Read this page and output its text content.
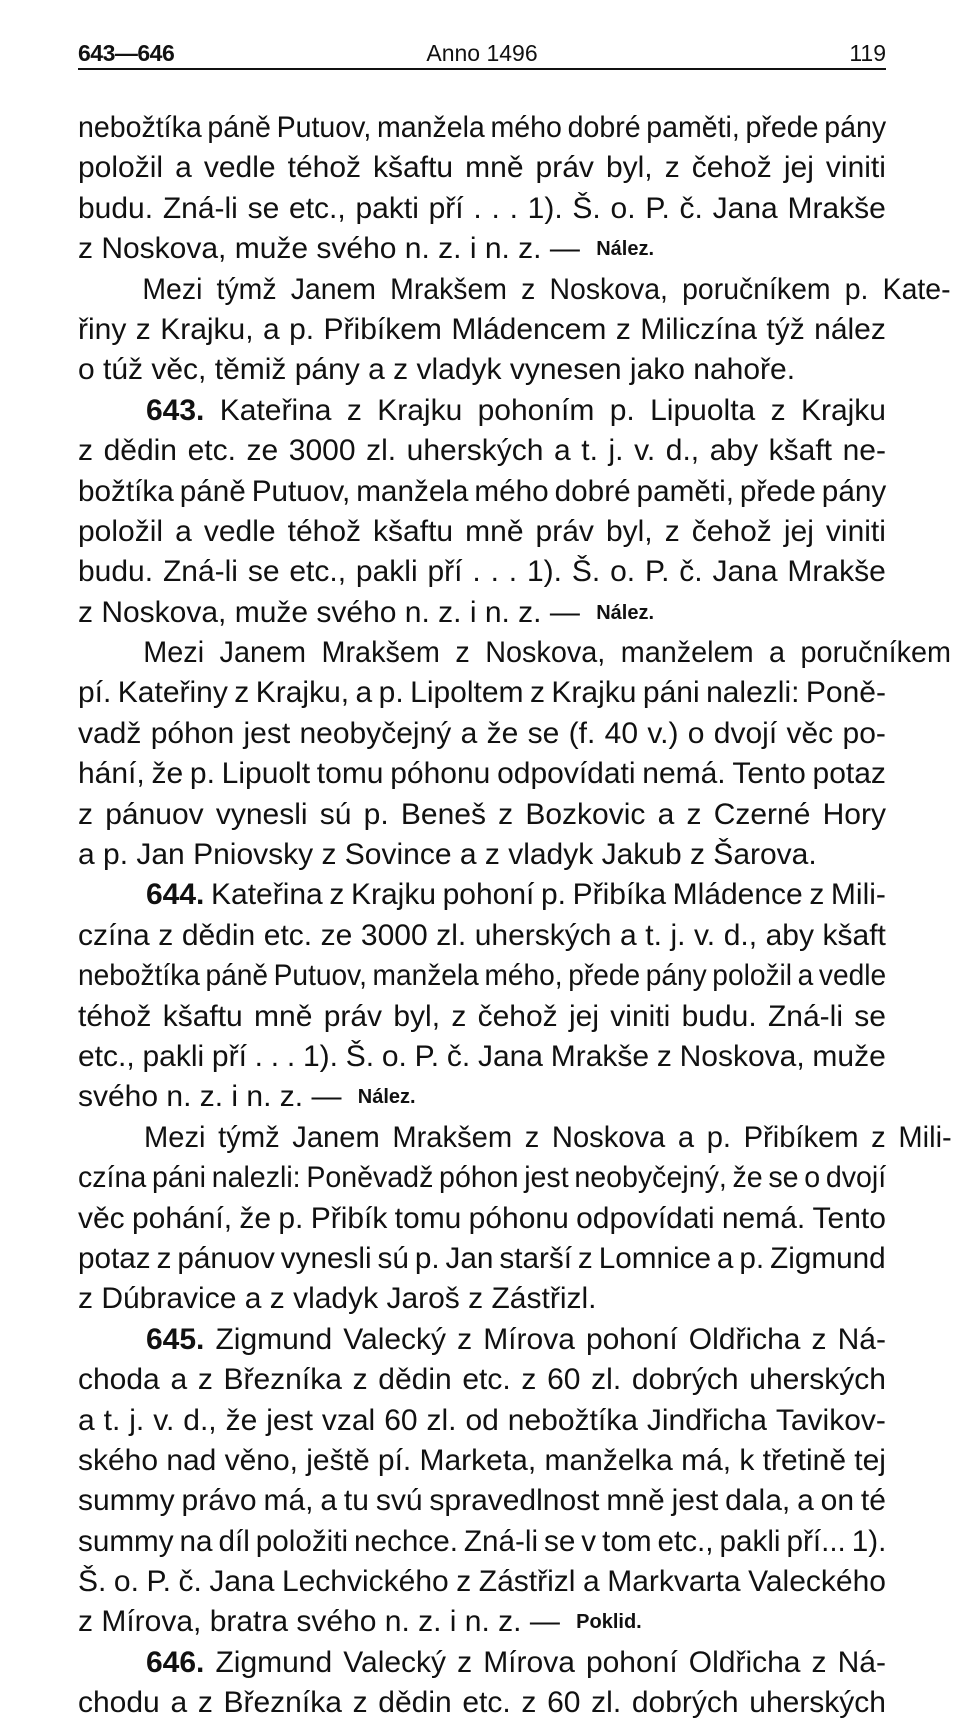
643—646	Anno 1496	119
nebožtíka páně Putuov, manžela mého dobré paměti, přede pány
položil a vedle téhož kšaftu mně práv byl, z čehož jej viniti
budu. Zná-li se etc., pakti pří . . . 1). Š. o. P. č. Jana Mrakše
z Noskova, muže svého n. z. i n. z. — Nález.
Mezi týmž Janem Mrakšem z Noskova, poručníkem p. Kate-
řiny z Krajku, a p. Přibíkem Mládencem z Miliczína týž nález
o túž věc, těmiž pány a z vladyk vynesen jako nahoře.
643. Kateřina z Krajku pohoním p. Lipuolta z Krajku
z dědin etc. ze 3000 zl. uherských a t. j. v. d., aby kšaft ne-
božtíka páně Putuov, manžela mého dobré paměti, přede pány
položil a vedle téhož kšaftu mně práv byl, z čehož jej viniti
budu. Zná-li se etc., pakli pří . . . 1). Š. o. P. č. Jana Mrakše
z Noskova, muže svého n. z. i n. z. — Nález.
Mezi Janem Mrakšem z Noskova, manželem a poručníkem
pí. Kateřiny z Krajku, a p. Lipoltem z Krajku páni nalezli: Poně-
vadž póhon jest neobyčejný a že se (f. 40 v.) o dvojí věc po-
hání, že p. Lipuolt tomu póhonu odpovídati nemá. Tento potaz
z pánuov vynesli sú p. Beneš z Bozkovic a z Czerné Hory
a p. Jan Pniovsky z Sovince a z vladyk Jakub z Šarova.
644. Kateřina z Krajku pohoní p. Přibíka Mládence z Mili-
czína z dědin etc. ze 3000 zl. uherských a t. j. v. d., aby kšaft
nebožtíka páně Putuov, manžela mého, přede pány položil a vedle
téhož kšaftu mně práv byl, z čehož jej viniti budu. Zná-li se
etc., pakli pří . . . 1). Š. o. P. č. Jana Mrakše z Noskova, muže
svého n. z. i n. z. — Nález.
Mezi týmž Janem Mrakšem z Noskova a p. Přibíkem z Mili-
czína páni nalezli: Poněvadž póhon jest neobyčejný, že se o dvojí
věc pohání, že p. Přibík tomu póhonu odpovídati nemá. Tento
potaz z pánuov vynesli sú p. Jan starší z Lomnice a p. Zigmund
z Dúbravice a z vladyk Jaroš z Zástřizl.
645. Zigmund Valecký z Mírova pohoní Oldřicha z Ná-
choda a z Březníka z dědin etc. z 60 zl. dobrých uherských
a t. j. v. d., že jest vzal 60 zl. od nebožtíka Jindřicha Tavikov-
ského nad věno, ještě pí. Marketa, manželka má, k třetině tej
summy právo má, a tu svú spravedlnost mně jest dala, a on té
summy na díl položiti nechce. Zná-li se v tom etc., pakli pří... 1).
Š. o. P. č. Jana Lechvického z Zástřizl a Markvarta Valeckého
z Mírova, bratra svého n. z. i n. z. — Poklid.
646. Zigmund Valecký z Mírova pohoní Oldřicha z Ná-
chodu a z Březníka z dědin etc. z 60 zl. dobrých uherských
